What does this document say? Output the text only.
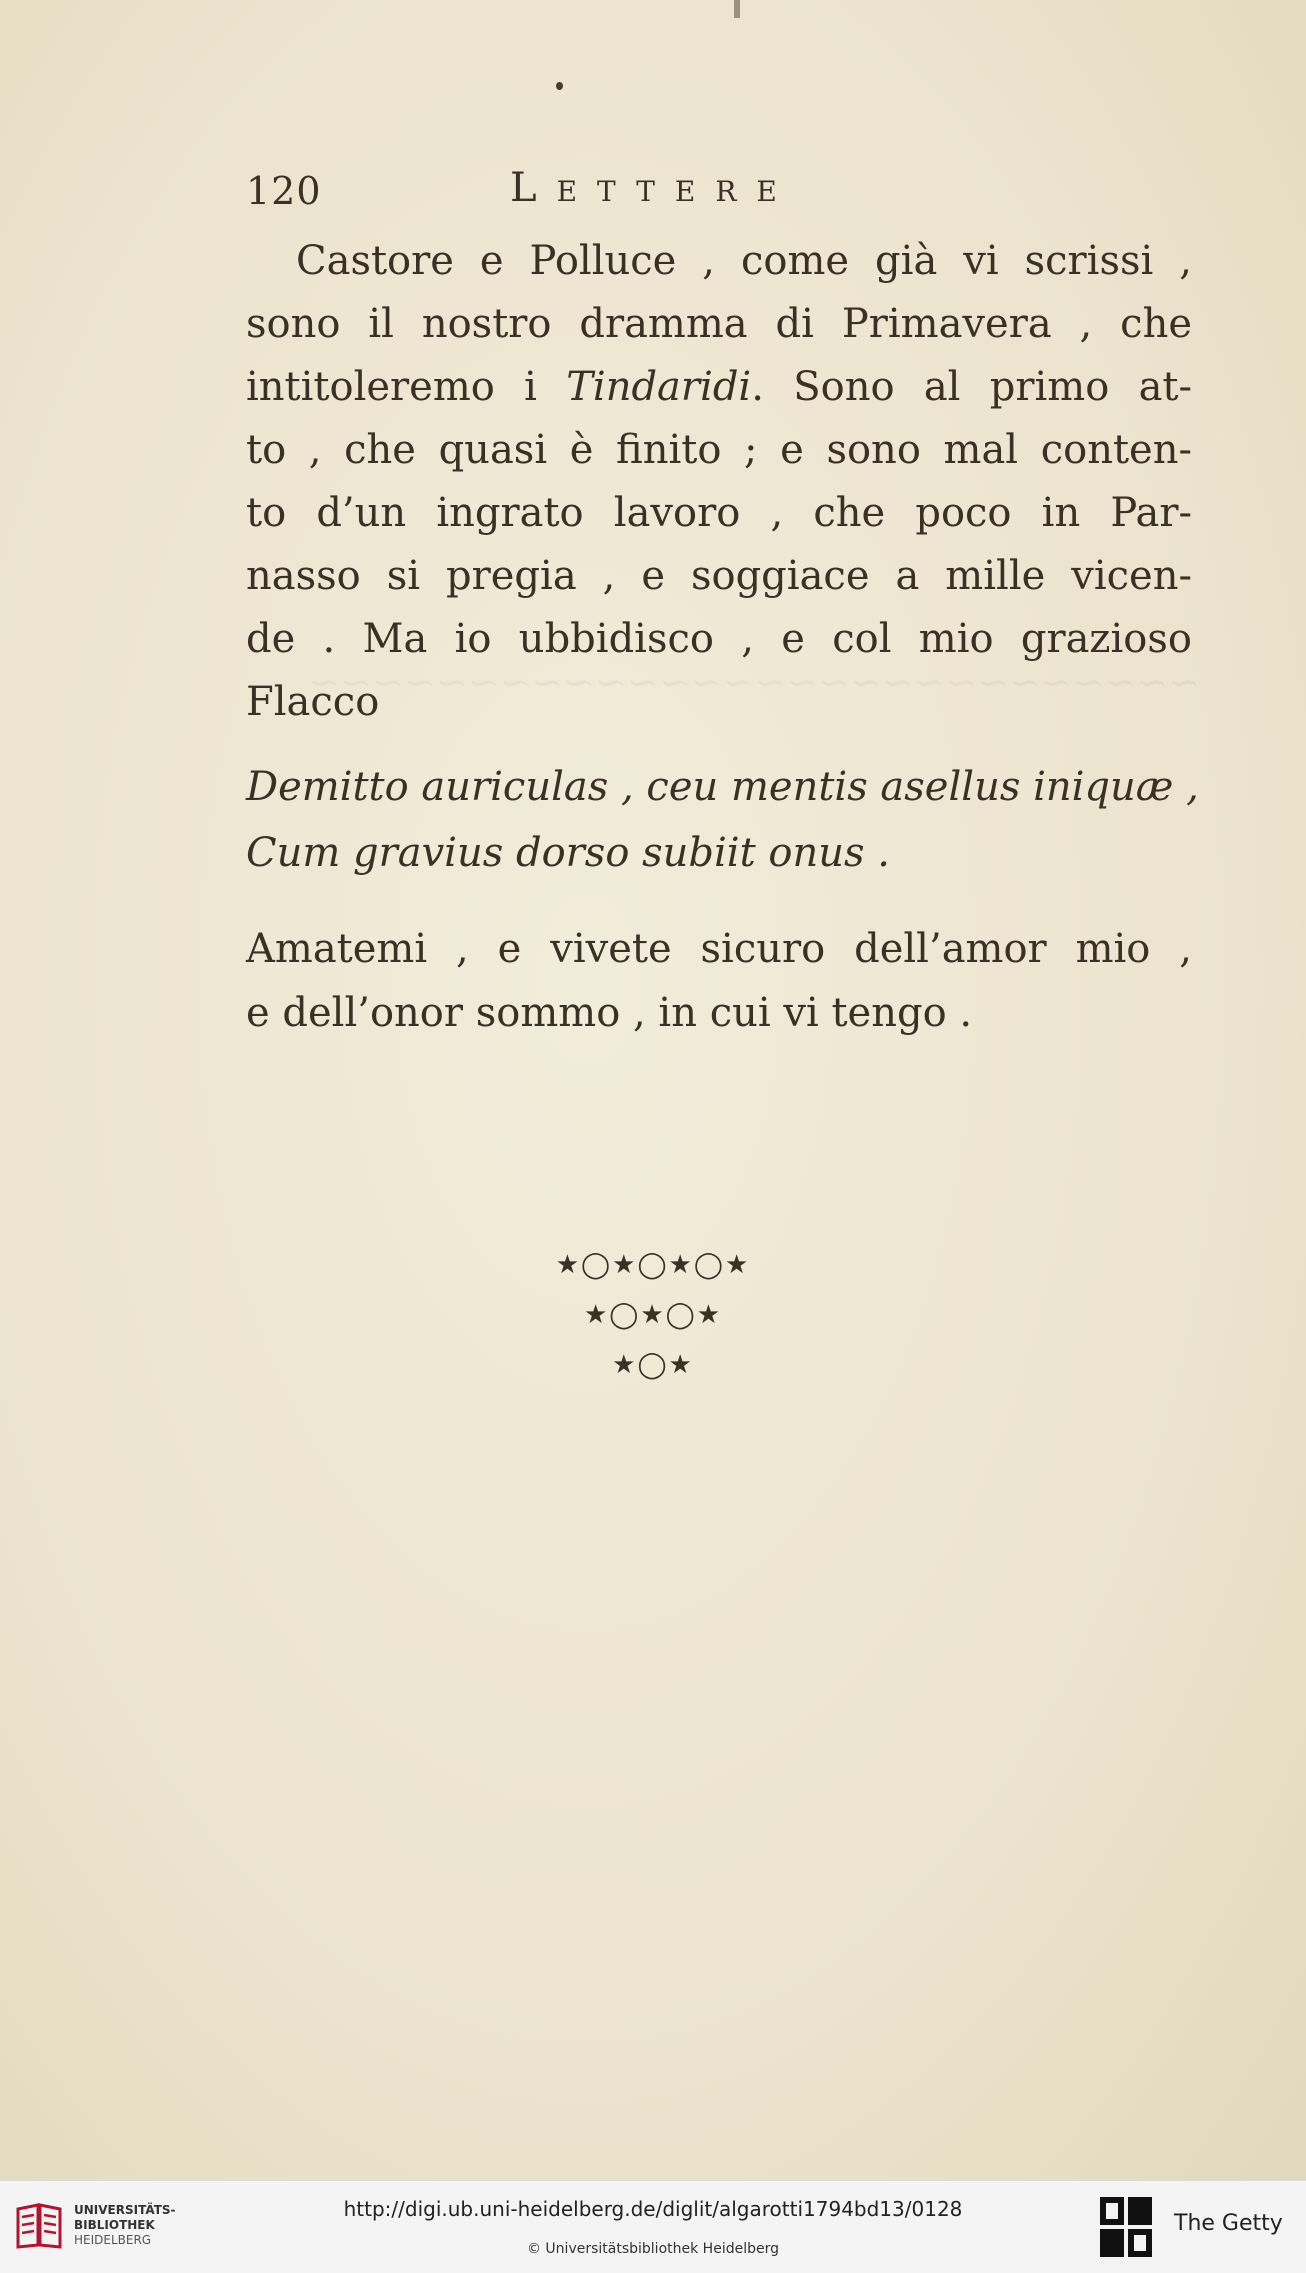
120	Lettere
Castore e Polluce , come già vi scrissi ,
sono il nostro dramma di Primavera , che
intitoleremo i Tindaridi. Sono al primo at-
to , che quasi è finito ; e sono mal conten-
to d’un ingrato lavoro , che poco in Par-
nasso si pregia , e soggiace a mille vicen-
de . Ma io ubbidisco , e col mio grazioso
Flacco
Demitto auriculas , ceu mentis asellus iniquæ ,
Cum gravius dorso subiit onus .
Amatemi , e vivete sicuro dell’amor mio ,
e dell’onor sommo , in cui vi tengo .
★◯★◯★◯★
★◯★◯★
★◯★
UNIVERSITÄTS-
BIBLIOTHEK
HEIDELBERG
http://digi.ub.uni-heidelberg.de/diglit/algarotti1794bd13/0128
© Universitätsbibliothek Heidelberg
The Getty
